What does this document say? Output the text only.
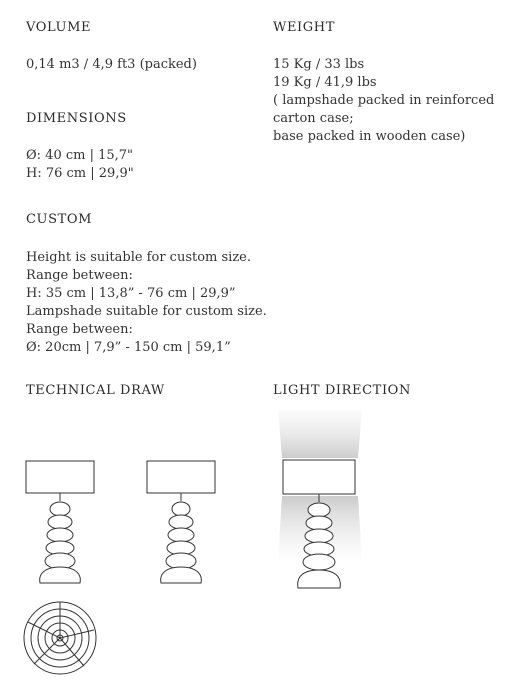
VOLUME
0,14 m3 / 4,9 ft3 (packed)
WEIGHT
15 Kg / 33 lbs
19 Kg / 41,9 lbs
( lampshade packed in reinforced
carton case;
base packed in wooden case)
DIMENSIONS
Ø: 40 cm | 15,7"
H: 76 cm | 29,9"
CUSTOM
Height is suitable for custom size.
Range between:
H: 35 cm | 13,8” - 76 cm | 29,9”
Lampshade suitable for custom size.
Range between:
Ø: 20cm | 7,9” - 150 cm | 59,1”
TECHNICAL DRAW	LIGHT DIRECTION
